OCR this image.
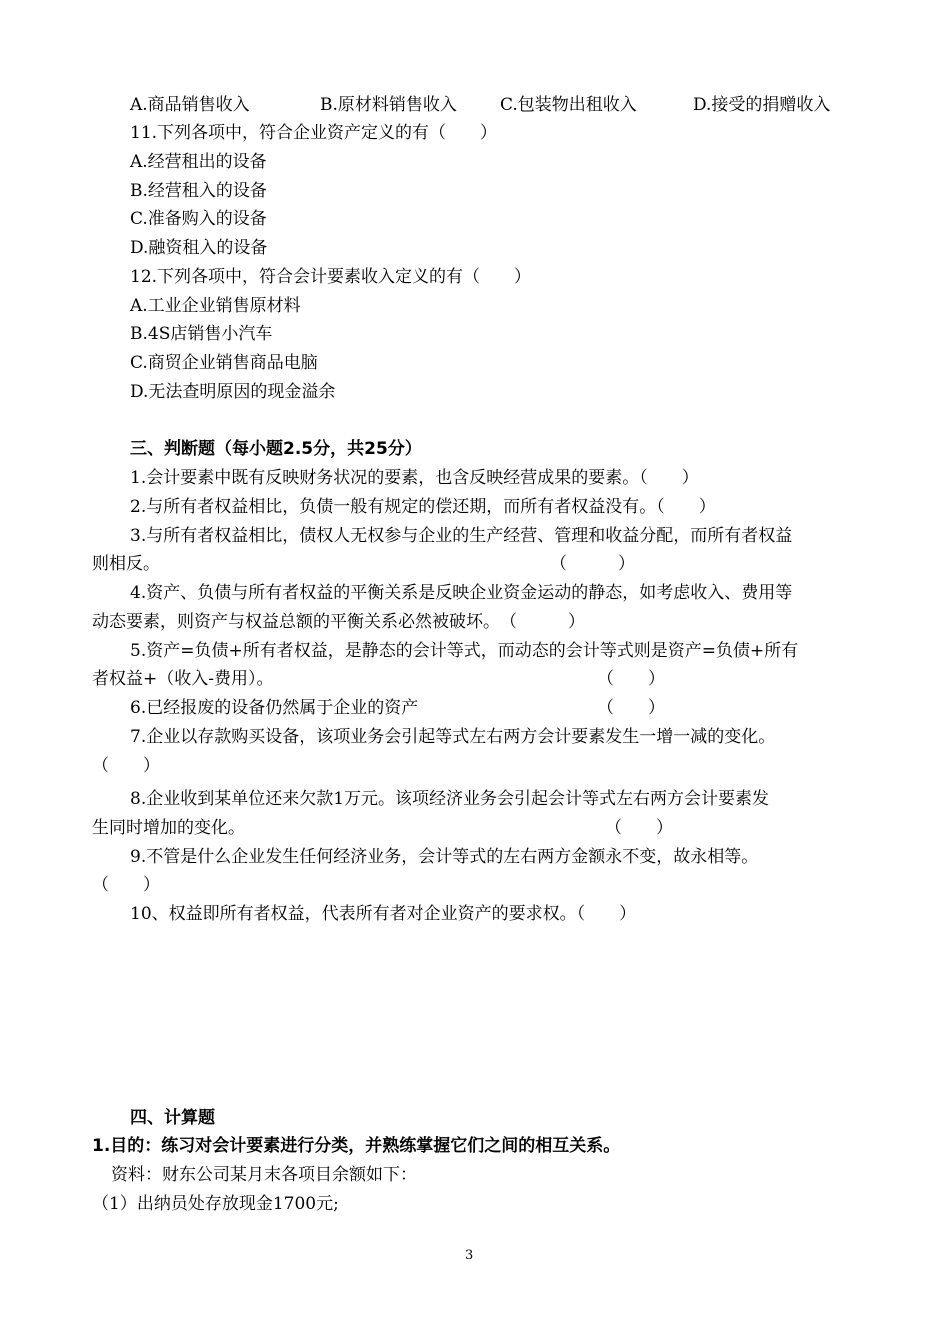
A.商品销售收入	B.原材料销售收入	C.包装物出租收入	D.接受的捐赠收入
11.下列各项中，符合企业资产定义的有（　　）
A.经营租出的设备
B.经营租入的设备
C.准备购入的设备
D.融资租入的设备
12.下列各项中，符合会计要素收入定义的有（　　）
A.工业企业销售原材料
B.4S店销售小汽车
C.商贸企业销售商品电脑
D.无法查明原因的现金溢余
三、判断题（每小题2.5分，共25分）
1.会计要素中既有反映财务状况的要素，也含反映经营成果的要素。（　　）
2.与所有者权益相比，负债一般有规定的偿还期，而所有者权益没有。（　　）
3.与所有者权益相比，债权人无权参与企业的生产经营、管理和收益分配，而所有者权益
则相反。	（　　　）
4.资产、负债与所有者权益的平衡关系是反映企业资金运动的静态，如考虑收入、费用等
动态要素，则资产与权益总额的平衡关系必然被破坏。　（　　　）
5.资产=负债+所有者权益，是静态的会计等式，而动态的会计等式则是资产=负债+所有
者权益+（收入-费用）。	（　　）
6.已经报废的设备仍然属于企业的资产	（　　）
7.企业以存款购买设备，该项业务会引起等式左右两方会计要素发生一增一减的变化。
（　　）
8.企业收到某单位还来欠款1万元。该项经济业务会引起会计等式左右两方会计要素发
生同时增加的变化。	（　　）
9.不管是什么企业发生任何经济业务，会计等式的左右两方金额永不变，故永相等。
（　　）
10、权益即所有者权益，代表所有者对企业资产的要求权。（　　）
四、计算题
1.目的：练习对会计要素进行分类，并熟练掌握它们之间的相互关系。
资料：财东公司某月末各项目余额如下：
（1）出纳员处存放现金1700元;
3
